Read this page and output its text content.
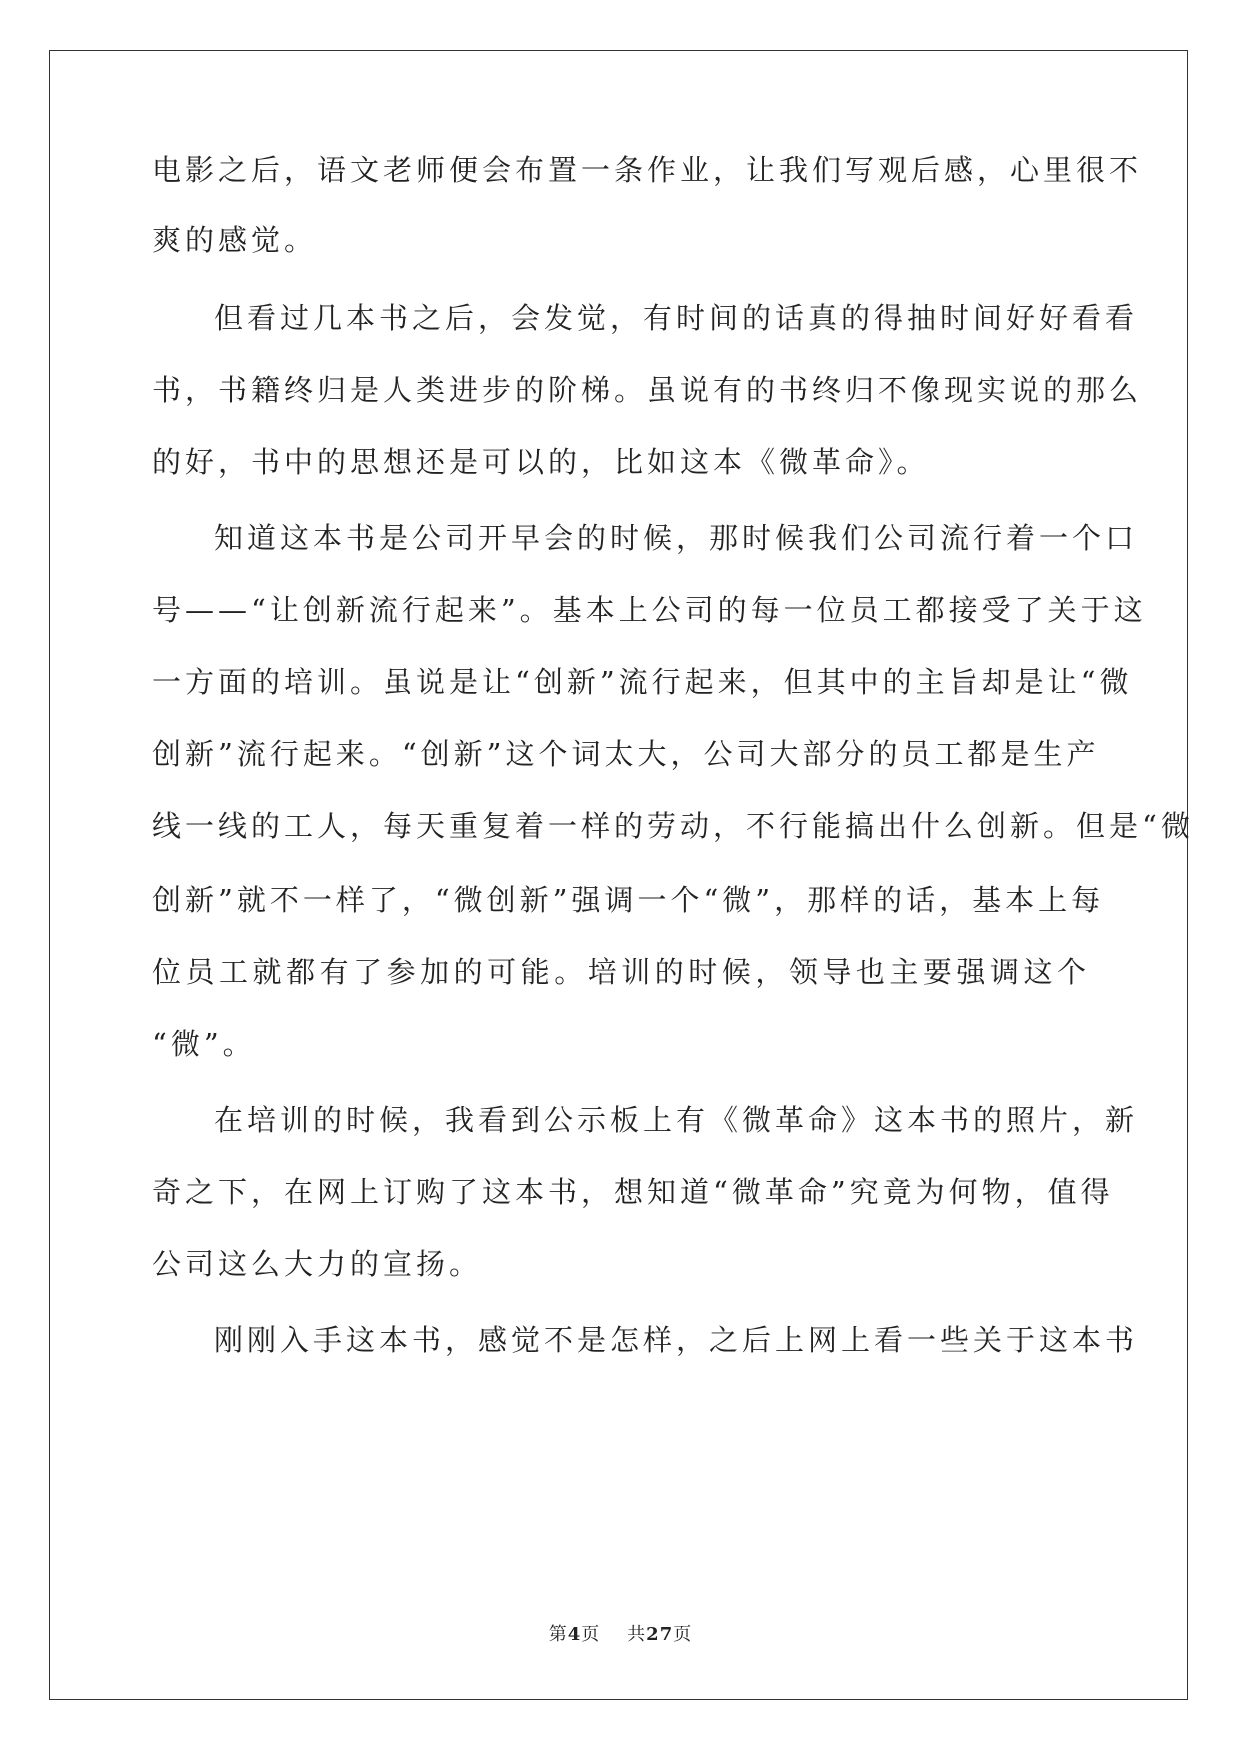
电影之后，语文老师便会布置一条作业，让我们写观后感，心里很不
爽的感觉。
但看过几本书之后，会发觉，有时间的话真的得抽时间好好看看
书，书籍终归是人类进步的阶梯。虽说有的书终归不像现实说的那么
的好，书中的思想还是可以的，比如这本《微革命》。
知道这本书是公司开早会的时候，那时候我们公司流行着一个口
号——“让创新流行起来”。基本上公司的每一位员工都接受了关于这
一方面的培训。虽说是让“创新”流行起来，但其中的主旨却是让“微
创新”流行起来。“创新”这个词太大，公司大部分的员工都是生产
线一线的工人，每天重复着一样的劳动，不行能搞出什么创新。但是“微
创新”就不一样了，“微创新”强调一个“微”，那样的话，基本上每
位员工就都有了参加的可能。培训的时候，领导也主要强调这个
“微”。
在培训的时候，我看到公示板上有《微革命》这本书的照片，新
奇之下，在网上订购了这本书，想知道“微革命”究竟为何物，值得
公司这么大力的宣扬。
刚刚入手这本书，感觉不是怎样，之后上网上看一些关于这本书
第4页 共27页
